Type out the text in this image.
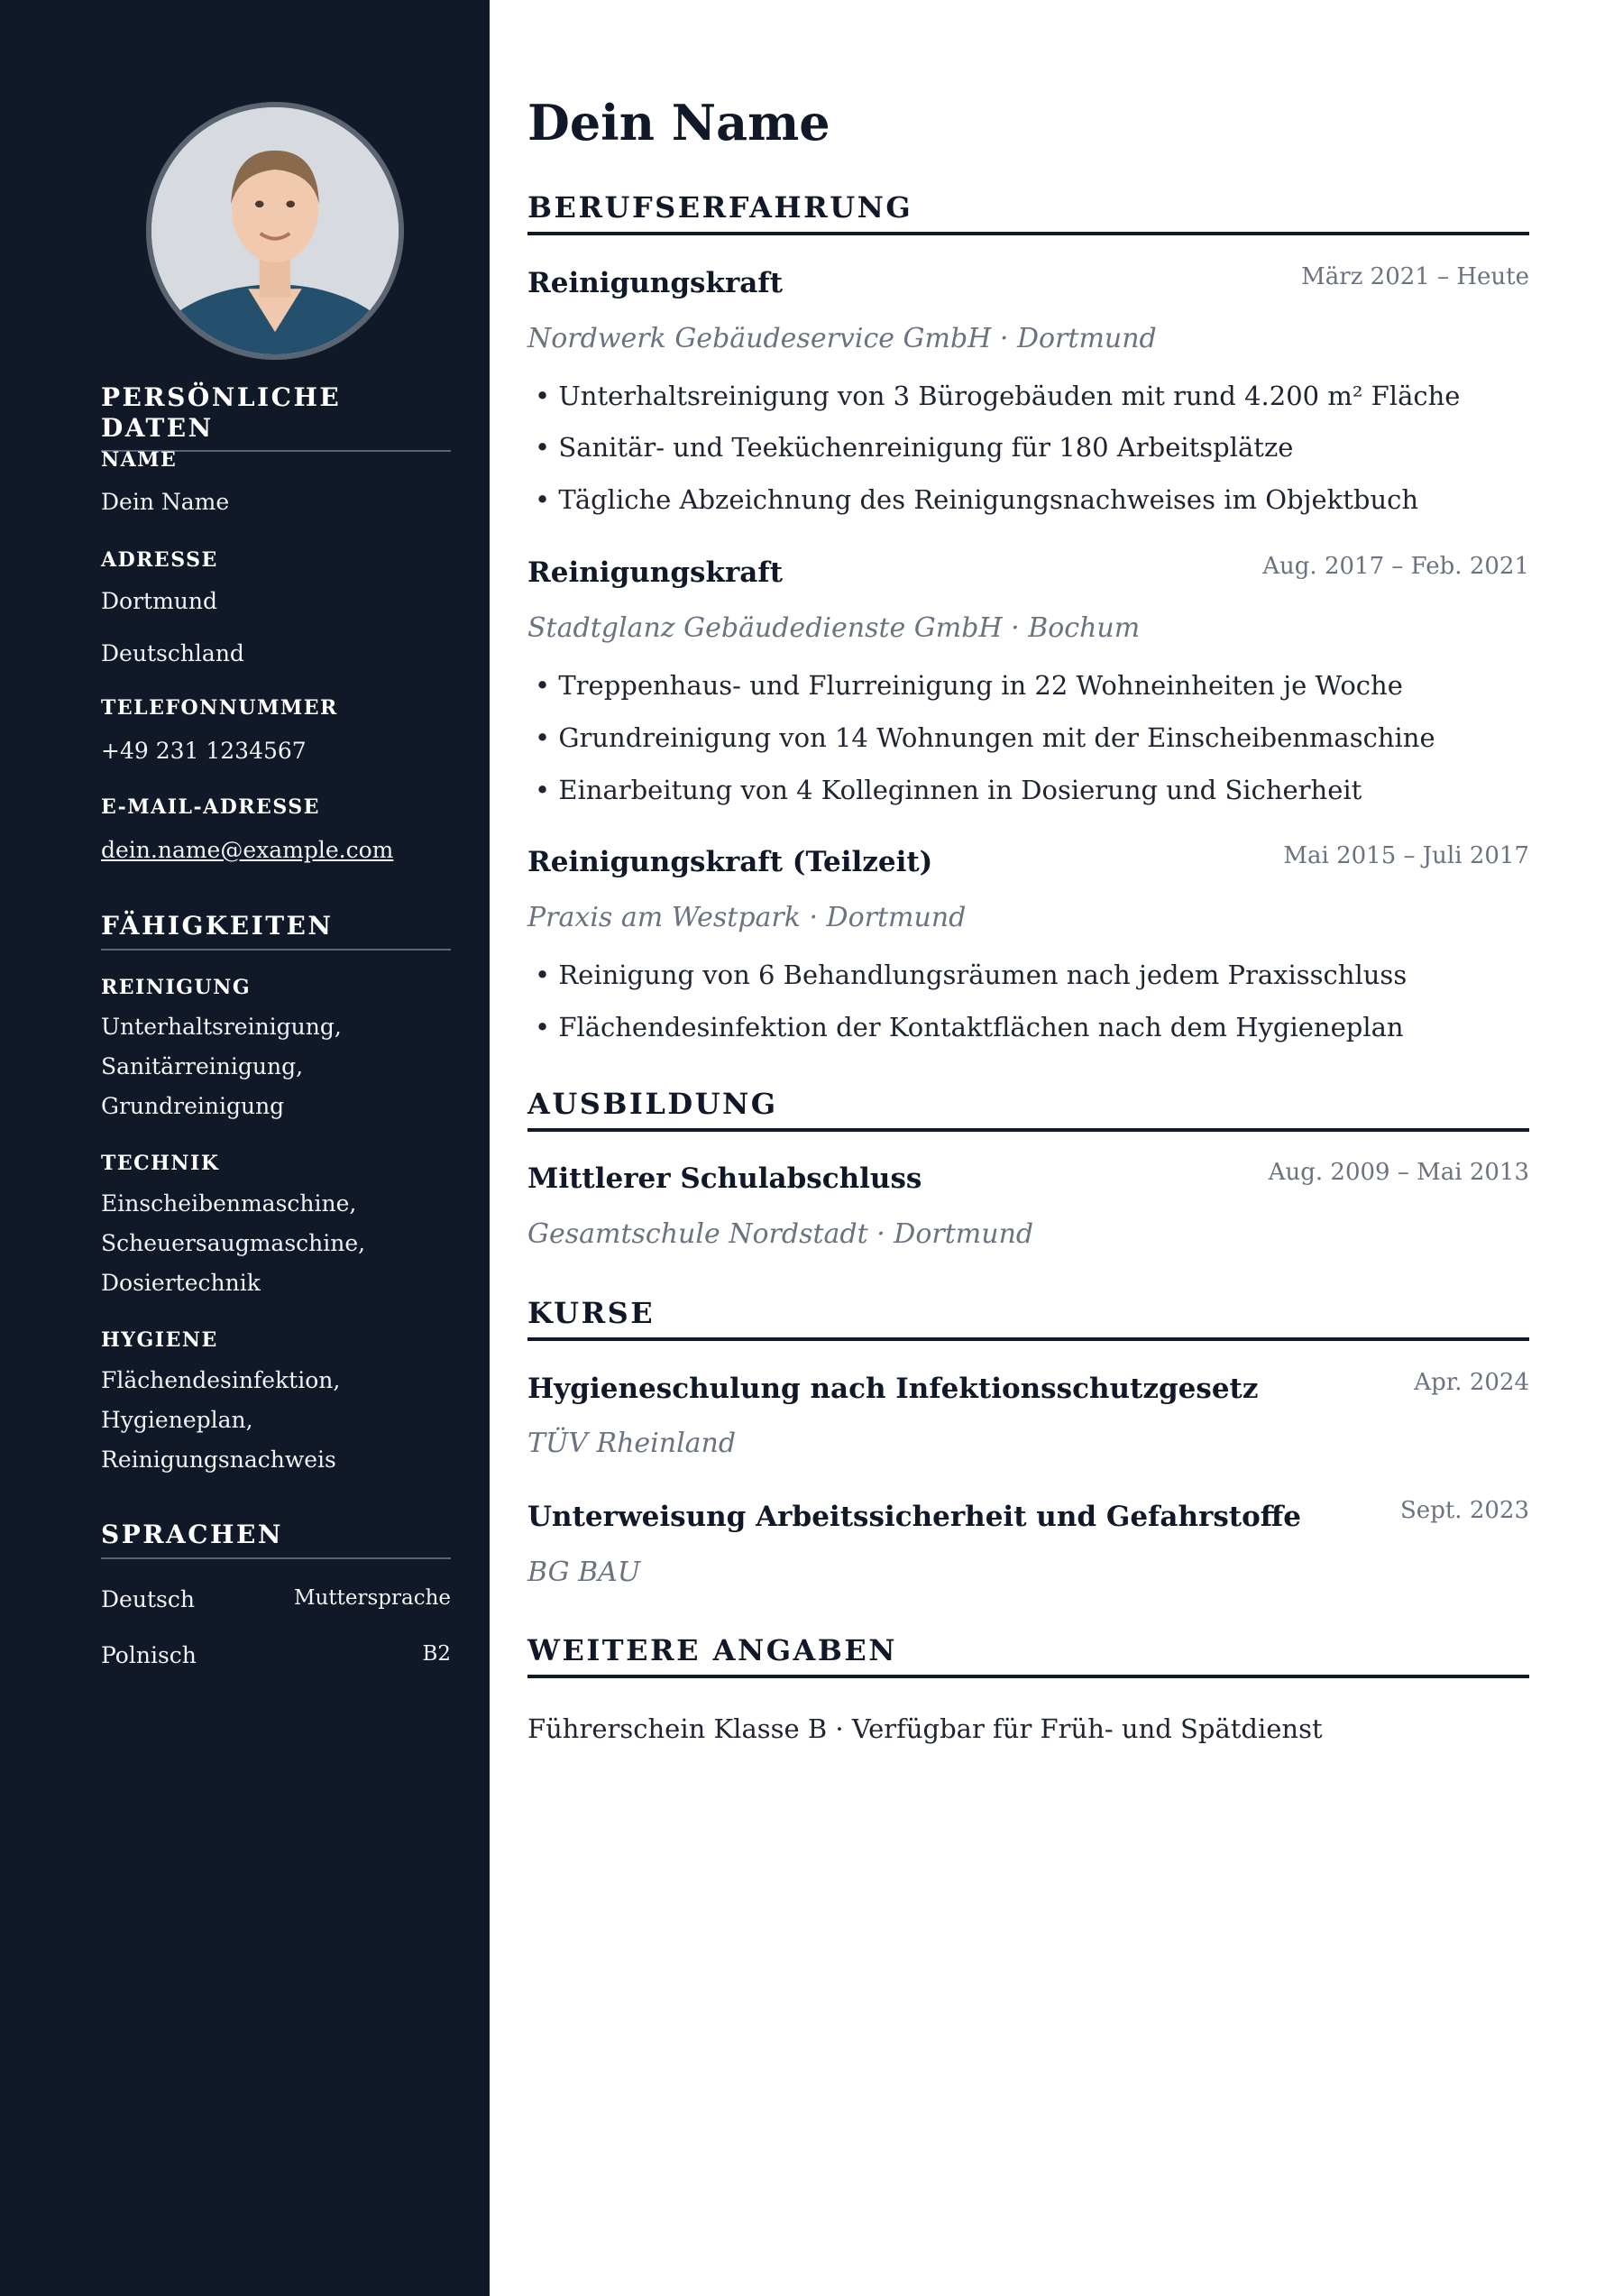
PERSÖNLICHE DATEN
NAME
Dein Name
ADRESSE
Dortmund
Deutschland
TELEFONNUMMER
+49 231 1234567
E-MAIL-ADRESSE
dein.name@example.com
FÄHIGKEITEN
REINIGUNG
Unterhaltsreinigung,
Sanitärreinigung,
Grundreinigung
TECHNIK
Einscheibenmaschine,
Scheuersaugmaschine,
Dosiertechnik
HYGIENE
Flächendesinfektion,
Hygieneplan,
Reinigungsnachweis
SPRACHEN
Deutsch	Muttersprache
Polnisch	B2
Dein Name
BERUFSERFAHRUNG
Reinigungskraft	März 2021 – Heute
Nordwerk Gebäudeservice GmbH · Dortmund
• Unterhaltsreinigung von 3 Bürogebäuden mit rund 4.200 m² Fläche
• Sanitär- und Teeküchenreinigung für 180 Arbeitsplätze
• Tägliche Abzeichnung des Reinigungsnachweises im Objektbuch
Reinigungskraft	Aug. 2017 – Feb. 2021
Stadtglanz Gebäudedienste GmbH · Bochum
• Treppenhaus- und Flurreinigung in 22 Wohneinheiten je Woche
• Grundreinigung von 14 Wohnungen mit der Einscheibenmaschine
• Einarbeitung von 4 Kolleginnen in Dosierung und Sicherheit
Reinigungskraft (Teilzeit)	Mai 2015 – Juli 2017
Praxis am Westpark · Dortmund
• Reinigung von 6 Behandlungsräumen nach jedem Praxisschluss
• Flächendesinfektion der Kontaktflächen nach dem Hygieneplan
AUSBILDUNG
Mittlerer Schulabschluss	Aug. 2009 – Mai 2013
Gesamtschule Nordstadt · Dortmund
KURSE
Hygieneschulung nach Infektionsschutzgesetz	Apr. 2024
TÜV Rheinland
Unterweisung Arbeitssicherheit und Gefahrstoffe	Sept. 2023
BG BAU
WEITERE ANGABEN
Führerschein Klasse B · Verfügbar für Früh- und Spätdienst
